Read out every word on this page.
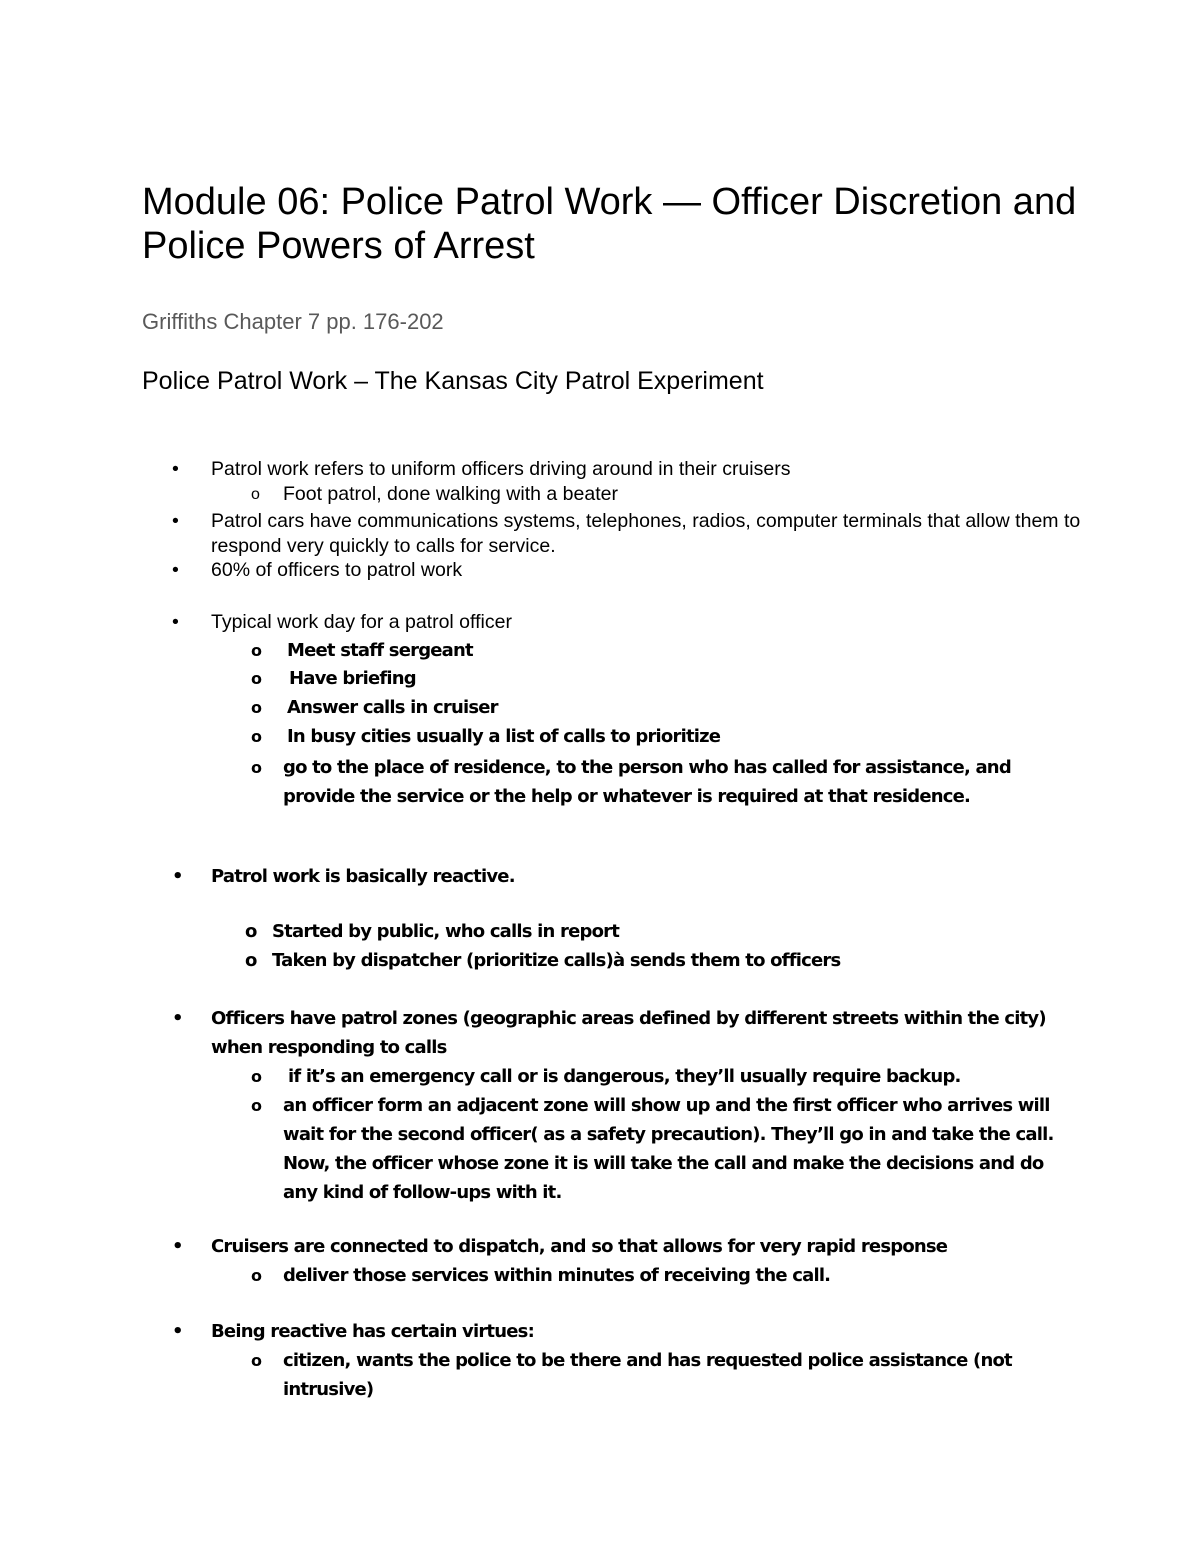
Module 06: Police Patrol Work — Officer Discretion and Police Powers of Arrest

Griffiths Chapter 7 pp. 176-202

Police Patrol Work – The Kansas City Patrol Experiment
• Patrol work refers to uniform officers driving around in their cruisers
o Foot patrol, done walking with a beater
• Patrol cars have communications systems, telephones, radios, computer terminals that allow them to respond very quickly to calls for service.
• 60% of officers to patrol work
• Typical work day for a patrol officer
o Meet staff sergeant
o Have briefing
o Answer calls in cruiser
o In busy cities usually a list of calls to prioritize
o go to the place of residence, to the person who has called for assistance, and provide the service or the help or whatever is required at that residence.
• Patrol work is basically reactive.
o Started by public, who calls in report
o Taken by dispatcher (prioritize calls)à sends them to officers
• Officers have patrol zones (geographic areas defined by different streets within the city) when responding to calls
o if it’s an emergency call or is dangerous, they’ll usually require backup.
o an officer form an adjacent zone will show up and the first officer who arrives will wait for the second officer( as a safety precaution). They’ll go in and take the call. Now, the officer whose zone it is will take the call and make the decisions and do any kind of follow-ups with it.
• Cruisers are connected to dispatch, and so that allows for very rapid response
o deliver those services within minutes of receiving the call.
• Being reactive has certain virtues:
o citizen, wants the police to be there and has requested police assistance (not intrusive)
